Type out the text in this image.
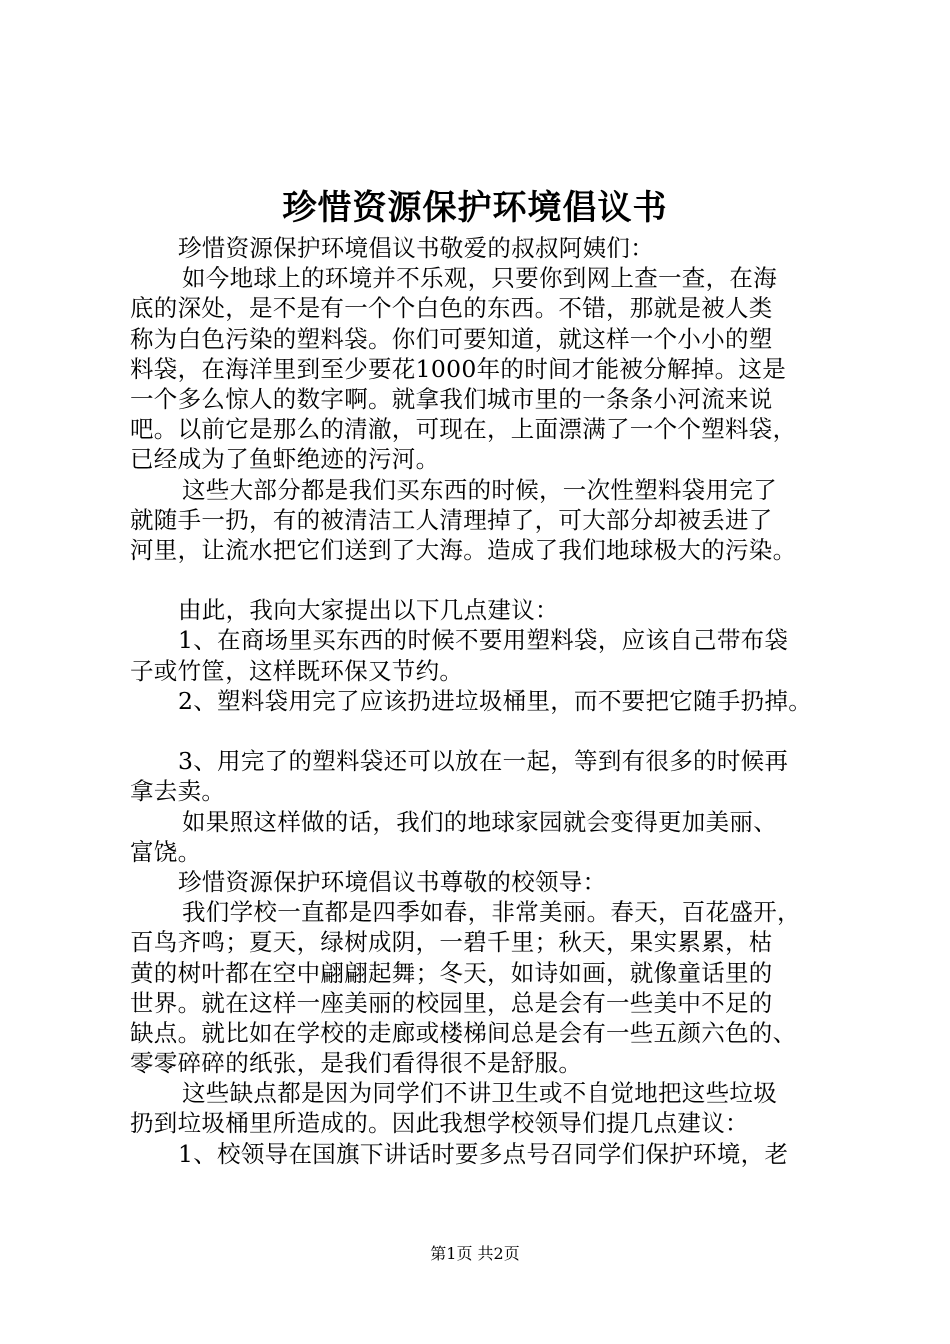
珍惜资源保护环境倡议书
珍惜资源保护环境倡议书敬爱的叔叔阿姨们：
如今地球上的环境并不乐观，只要你到网上查一查，在海
底的深处，是不是有一个个白色的东西。不错，那就是被人类
称为白色污染的塑料袋。你们可要知道，就这样一个小小的塑
料袋，在海洋里到至少要花1000年的时间才能被分解掉。这是
一个多么惊人的数字啊。就拿我们城市里的一条条小河流来说
吧。以前它是那么的清澈，可现在，上面漂满了一个个塑料袋，
已经成为了鱼虾绝迹的污河。
这些大部分都是我们买东西的时候，一次性塑料袋用完了
就随手一扔，有的被清洁工人清理掉了，可大部分却被丢进了
河里，让流水把它们送到了大海。造成了我们地球极大的污染。
由此，我向大家提出以下几点建议：
1、在商场里买东西的时候不要用塑料袋，应该自己带布袋
子或竹筐，这样既环保又节约。
2、塑料袋用完了应该扔进垃圾桶里，而不要把它随手扔掉。
3、用完了的塑料袋还可以放在一起，等到有很多的时候再
拿去卖。
如果照这样做的话，我们的地球家园就会变得更加美丽、
富饶。
珍惜资源保护环境倡议书尊敬的校领导：
我们学校一直都是四季如春，非常美丽。春天，百花盛开，
百鸟齐鸣；夏天，绿树成阴，一碧千里；秋天，果实累累，枯
黄的树叶都在空中翩翩起舞；冬天，如诗如画，就像童话里的
世界。就在这样一座美丽的校园里，总是会有一些美中不足的
缺点。就比如在学校的走廊或楼梯间总是会有一些五颜六色的、
零零碎碎的纸张，是我们看得很不是舒服。
这些缺点都是因为同学们不讲卫生或不自觉地把这些垃圾
扔到垃圾桶里所造成的。因此我想学校领导们提几点建议：
1、校领导在国旗下讲话时要多点号召同学们保护环境，老
第1页 共2页
